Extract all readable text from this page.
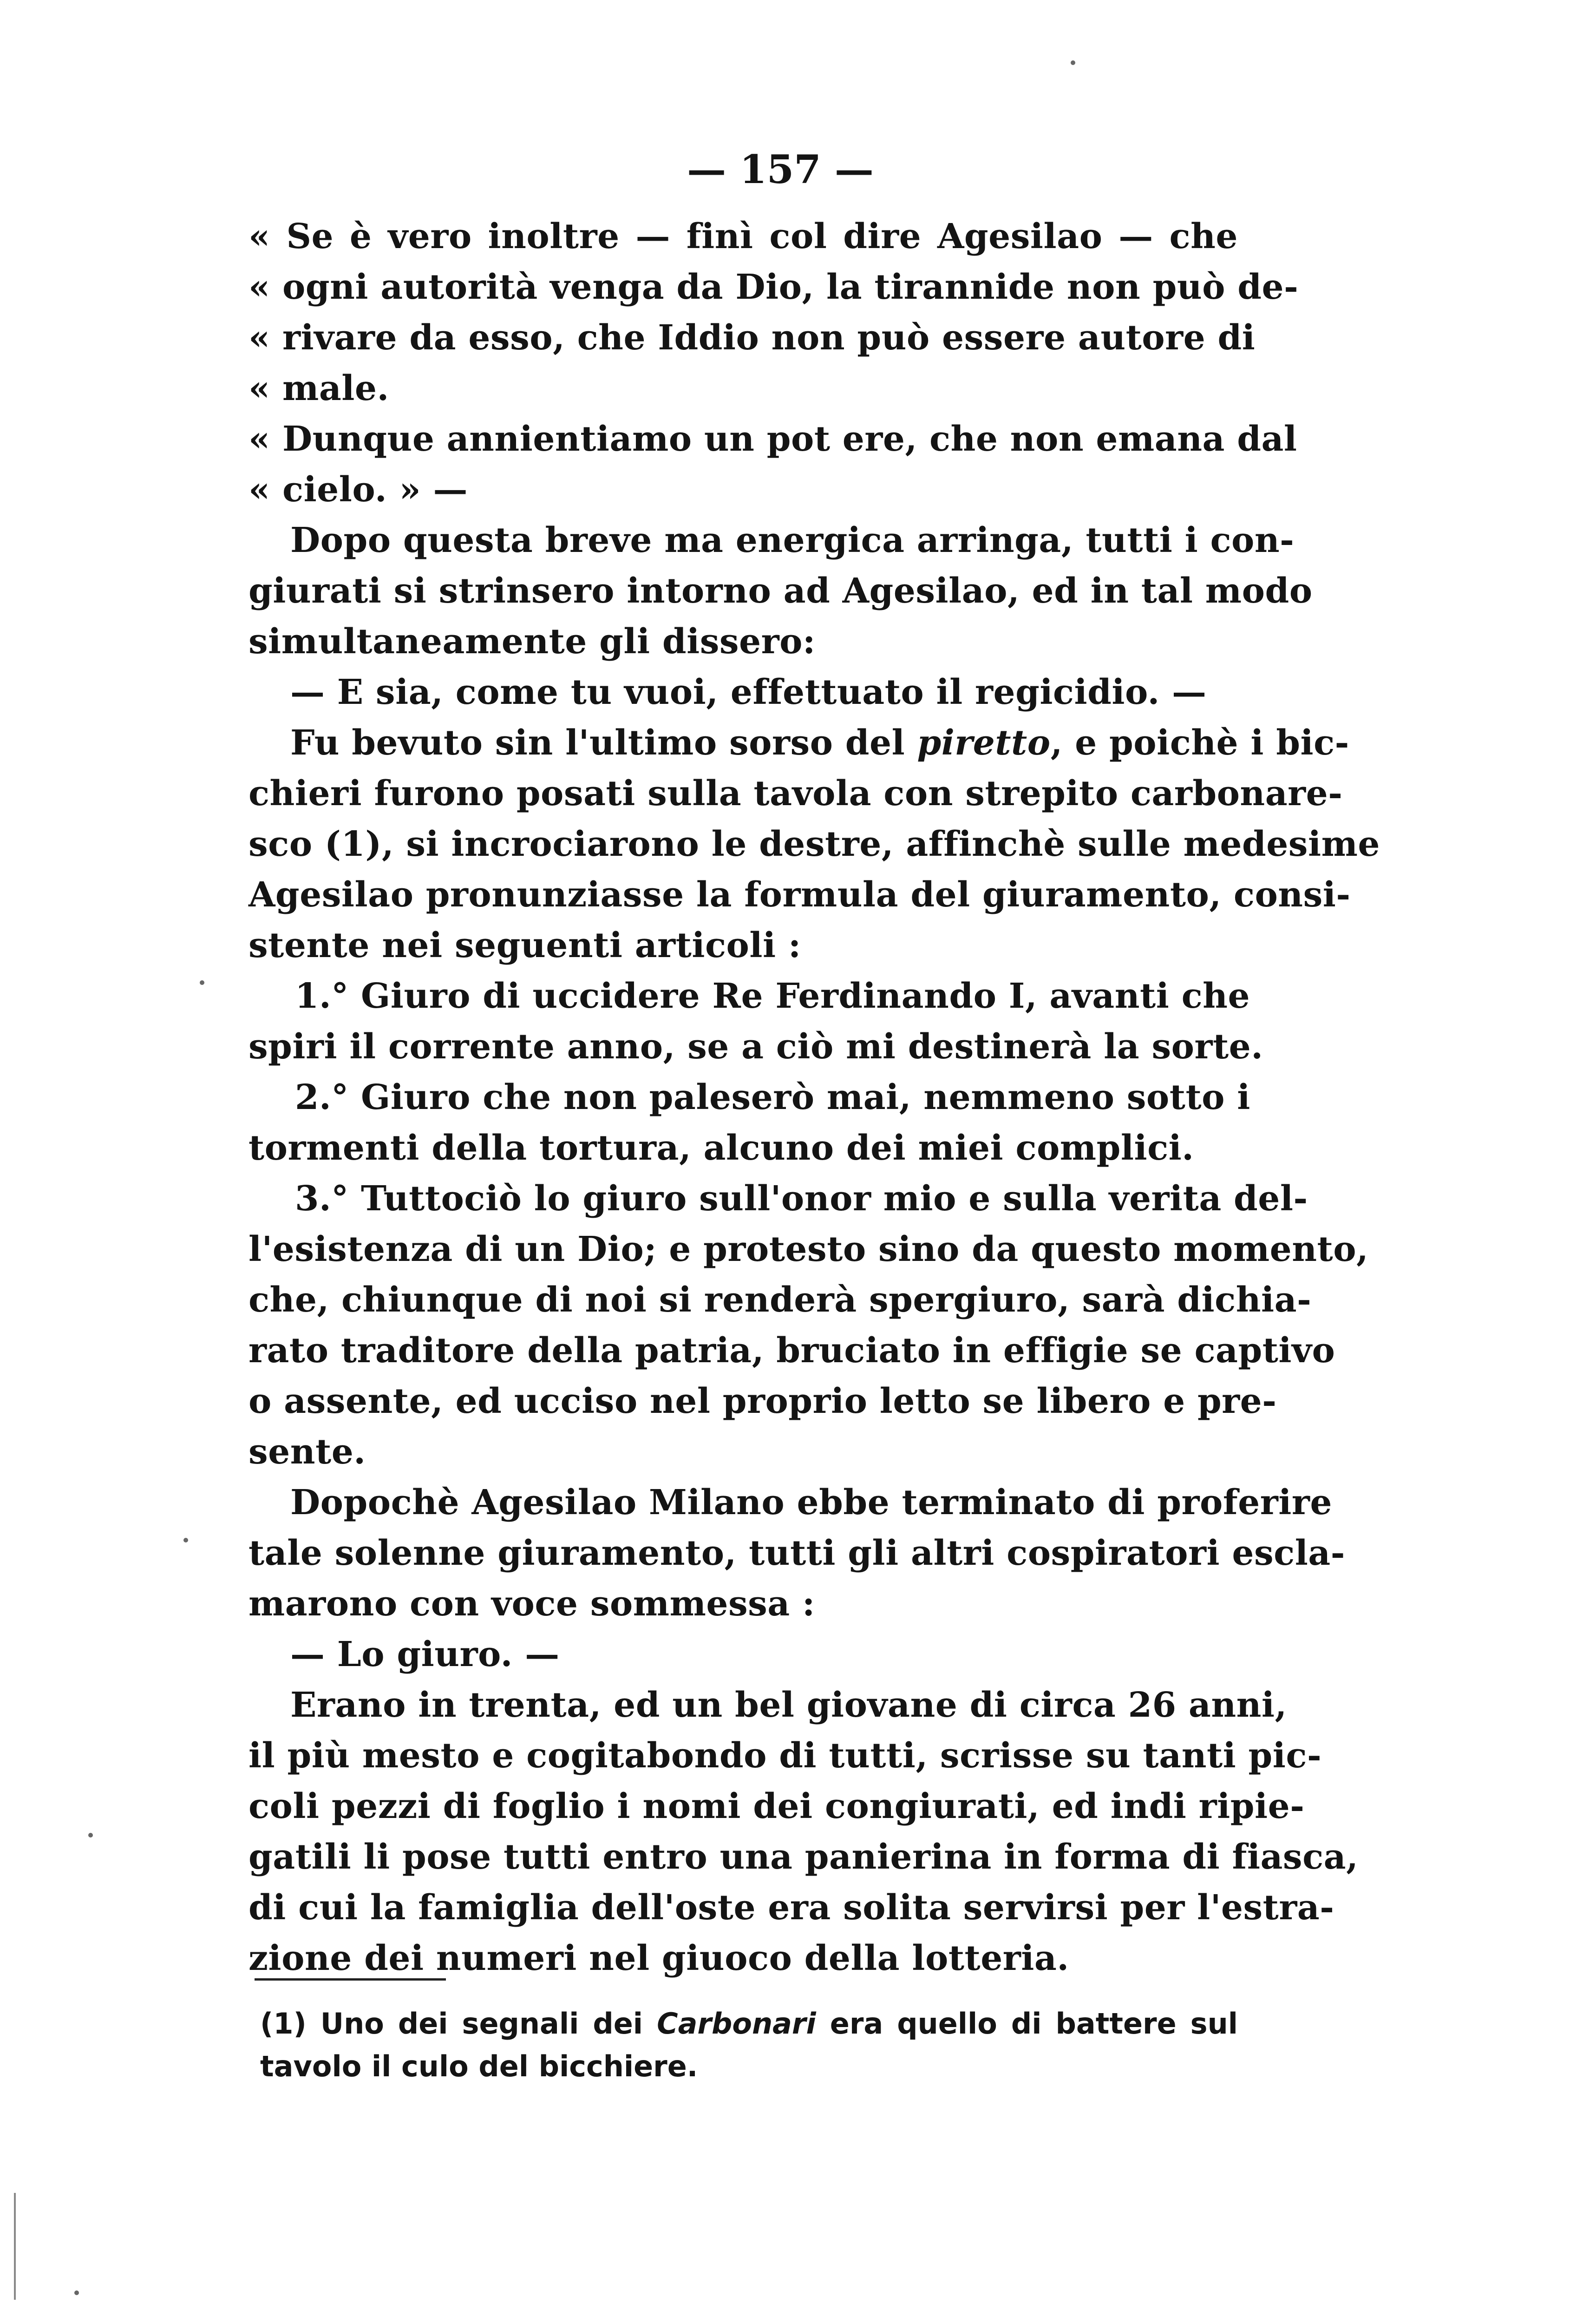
— 157 —
« Se è vero inoltre — finì col dire Agesilao — che
« ogni autorità venga da Dio, la tirannide non può de-
« rivare da esso, che Iddio non può essere autore di
« male.
« Dunque annientiamo un pot ere, che non emana dal
« cielo. » —
Dopo questa breve ma energica arringa, tutti i con-
giurati si strinsero intorno ad Agesilao, ed in tal modo
simultaneamente gli dissero:
— E sia, come tu vuoi, effettuato il regicidio. —
Fu bevuto sin l'ultimo sorso del piretto, e poichè i bic-
chieri furono posati sulla tavola con strepito carbonare-
sco (1), si incrociarono le destre, affinchè sulle medesime
Agesilao pronunziasse la formula del giuramento, consi-
stente nei seguenti articoli :
1.° Giuro di uccidere Re Ferdinando I, avanti che
spiri il corrente anno, se a ciò mi destinerà la sorte.
2.° Giuro che non paleserò mai, nemmeno sotto i
tormenti della tortura, alcuno dei miei complici.
3.° Tuttociò lo giuro sull'onor mio e sulla verita del-
l'esistenza di un Dio; e protesto sino da questo momento,
che, chiunque di noi si renderà spergiuro, sarà dichia-
rato traditore della patria, bruciato in effigie se captivo
o assente, ed ucciso nel proprio letto se libero e pre-
sente.
Dopochè Agesilao Milano ebbe terminato di proferire
tale solenne giuramento, tutti gli altri cospiratori escla-
marono con voce sommessa :
— Lo giuro. —
Erano in trenta, ed un bel giovane di circa 26 anni,
il più mesto e cogitabondo di tutti, scrisse su tanti pic-
coli pezzi di foglio i nomi dei congiurati, ed indi ripie-
gatili li pose tutti entro una panierina in forma di fiasca,
di cui la famiglia dell'oste era solita servirsi per l'estra-
zione dei numeri nel giuoco della lotteria.
(1) Uno dei segnali dei Carbonari era quello di battere sul
tavolo il culo del bicchiere.
